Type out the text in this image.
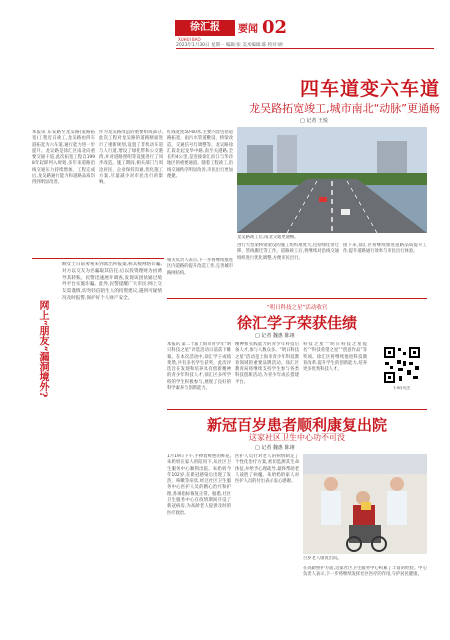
徐汇报	要闻 02
XUHUI BAO
2023年1月30日 星期一 编辑:张 美术编辑:陈 校对:顾
四车道变六车道
龙吴路拓宽竣工,城市南北“动脉”更通畅
□ 记者 王悦
本报讯 东安路至龙吴路(道路拓宽)工程近日竣工,龙吴路由四车道拓宽为六车道,通行能力进一步提升。龙吴路是徐汇区南北向重要交通干道,此次拓宽工程自1998年起即列入规划,多年来道路沿线交通压力持续增加。工程完成后,龙吴路通行能力和道路品质均得到明显改善。
作为龙吴路改造的重要组成部分,此次工程对龙吴路的道路断面进行了重新规划,设置了非机动车道与人行道,增设了绿化带和公交港湾,并对道路照明等设施进行了同步改造。施工期间,相关部门与周边居民、企业保持沟通,优化施工方案,尽量减少对市民出行的影响。
红线宽度50-60米,主要内容包括道路拓宽、雨污水管道敷设、桥梁改造、交通信号灯调整等。龙吴路徐汇段北起龙华中路,南至关港路,全长约4公里,是连接徐汇滨江与华泾地区的重要通道。随着工程竣工,沿线交通秩序明显改善,市民出行更加便捷。
龙吴路竣工后,南北交通更通畅。
进行大型架桥梁架设的施工组织难度大,包括绿化带迁移、管线搬迁等工作。道路竣工后,将继续对沿线交通组织进行优化调整,方便市民出行。
接下来,徐汇区将继续推进道路品质提升工作,提升道路通行效率与市民出行体验。
相关负责人表示,下一步将继续推进区内道路的提升改造工作,完善城市路网结构。
网上“朋友”漏洞境外?
顾女士日前匆匆来到派出所报案,称其被网络诈骗,对方以交友为名骗取其信任,后以投资理财为由诱导其转账。民警迅速展开调查,发现该团伙通过境外平台实施诈骗。此外,民警提醒广大市民:网上交友需谨慎,切勿轻信陌生人的投资建议,遇到可疑情况及时报警,保护好个人财产安全。
“明日科技之星”活动收官
徐汇学子荣获佳绩
□ 记者 魏惠 陈翊
本报讯 第二十届上海市青少年“明日科技之星”评选活动日前落下帷幕。在本次活动中,徐汇学子成绩斐然,共有多名学生获奖。此次评选旨在发现和培养具有创新精神的青少年科技人才,徐汇区多所学校的学生积极参与,展现了良好的科学素养与创新能力。
精神和实践能力的青少年科技后备人才,参与人数众多。“明日科技之星”活动是上海市青少年科技教育领域的重要品牌活动。徐汇区教育局将继续支持学生参与各类科技创新活动,为青少年成长搭建平台。
科技之星”“明日科技之星提名”“科技希望之星”“创意作品”等奖项。徐汇区将继续推进科技教育改革,提升学生的创新能力,培养更多优秀科技人才。
扫码关注
新冠百岁患者顺利康复出院
这家社区卫生中心功不可没
□ 记者 魏惠 陈翊
1月19日下午,手捧着鲜艳的鲜花,朱奶奶在家人的陪同下,从社区卫生服务中心顺利出院。朱奶奶今年102岁,在新冠感染后出现了发热、咳嗽等症状,经过社区卫生服务中心医护人员的精心治疗和护理,各项指标恢复正常。据悉,社区卫生服务中心在疫情期间开设了新冠病房,为高龄老人提供及时的医疗救治。
医护人员针对老人的病情制定了个性化治疗方案,密切监测其生命体征,并给予心理疏导,最终帮助老人战胜了病魔。朱奶奶的家人对医护人员的付出表示衷心感谢。
百岁老人康复出院。
在高龄照护方面,这家社区卫生服务中心积累了丰富的经验。中心负责人表示,下一步将继续发挥社区医疗的作用,守护居民健康。
